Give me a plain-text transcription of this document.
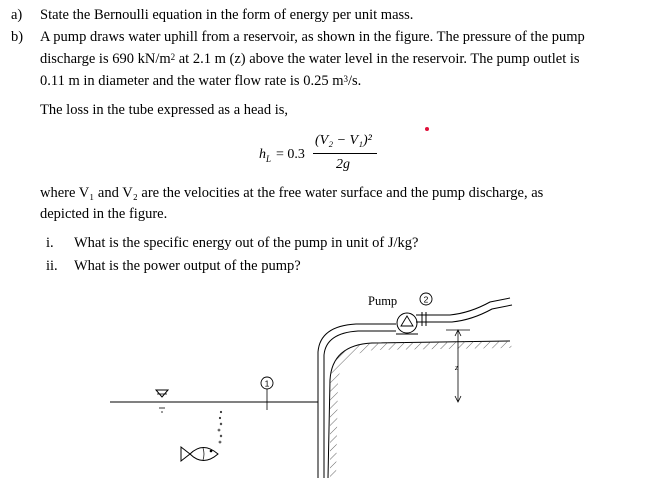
a) State the Bernoulli equation in the form of energy per unit mass.
b) A pump draws water uphill from a reservoir, as shown in the figure. The pressure of the pump
discharge is 690 $kN/m^2$ at 2.1 m (z) above the water level in the reservoir. The pump outlet is
0.11 m in diameter and the water flow rate is 0.25 $m^3/s$.
The loss in the tube expressed as a head is,
$h_L = 0.3$
(V₂ − V₁)²
2g
where V₁ and V₂ are the velocities at the free water surface and the pump discharge, as
depicted in the figure.
i. What is the specific energy out of the pump in unit of J/kg?
ii. What is the power output of the pump?
2
Pump
z
1
